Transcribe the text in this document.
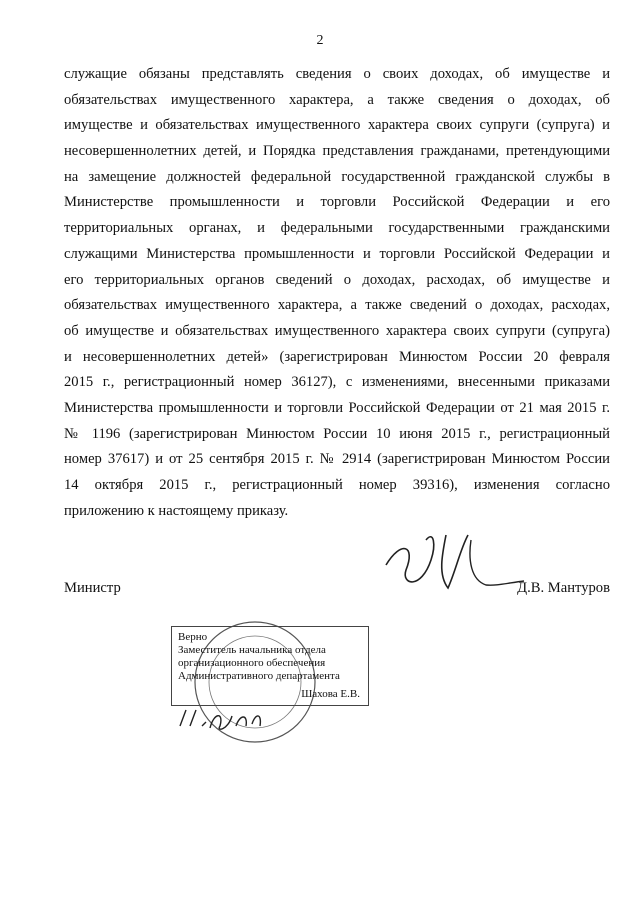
2
служащие обязаны представлять сведения о своих доходах, об имуществе и
обязательствах имущественного характера, а также сведения о доходах, об
имуществе и обязательствах имущественного характера своих супруги (супруга) и
несовершеннолетних детей, и Порядка представления гражданами, претендующими
на замещение должностей федеральной государственной гражданской службы в
Министерстве промышленности и торговли Российской Федерации и его
территориальных органах, и федеральными государственными гражданскими
служащими Министерства промышленности и торговли Российской Федерации и
его территориальных органов сведений о доходах, расходах, об имуществе и
обязательствах имущественного характера, а также сведений о доходах, расходах,
об имуществе и обязательствах имущественного характера своих супруги (супруга)
и несовершеннолетних детей» (зарегистрирован Минюстом России 20 февраля
2015 г., регистрационный номер 36127), с изменениями, внесенными приказами
Министерства промышленности и торговли Российской Федерации от 21 мая 2015 г.
№ 1196 (зарегистрирован Минюстом России 10 июня 2015 г., регистрационный
номер 37617) и от 25 сентября 2015 г. № 2914 (зарегистрирован Минюстом России
14 октября 2015 г., регистрационный номер 39316), изменения согласно
приложению к настоящему приказу.
Министр	Д.В. Мантуров
Верно
Заместитель начальника отдела
организационного обеспечения
Административного департамента
Шахова Е.В.
